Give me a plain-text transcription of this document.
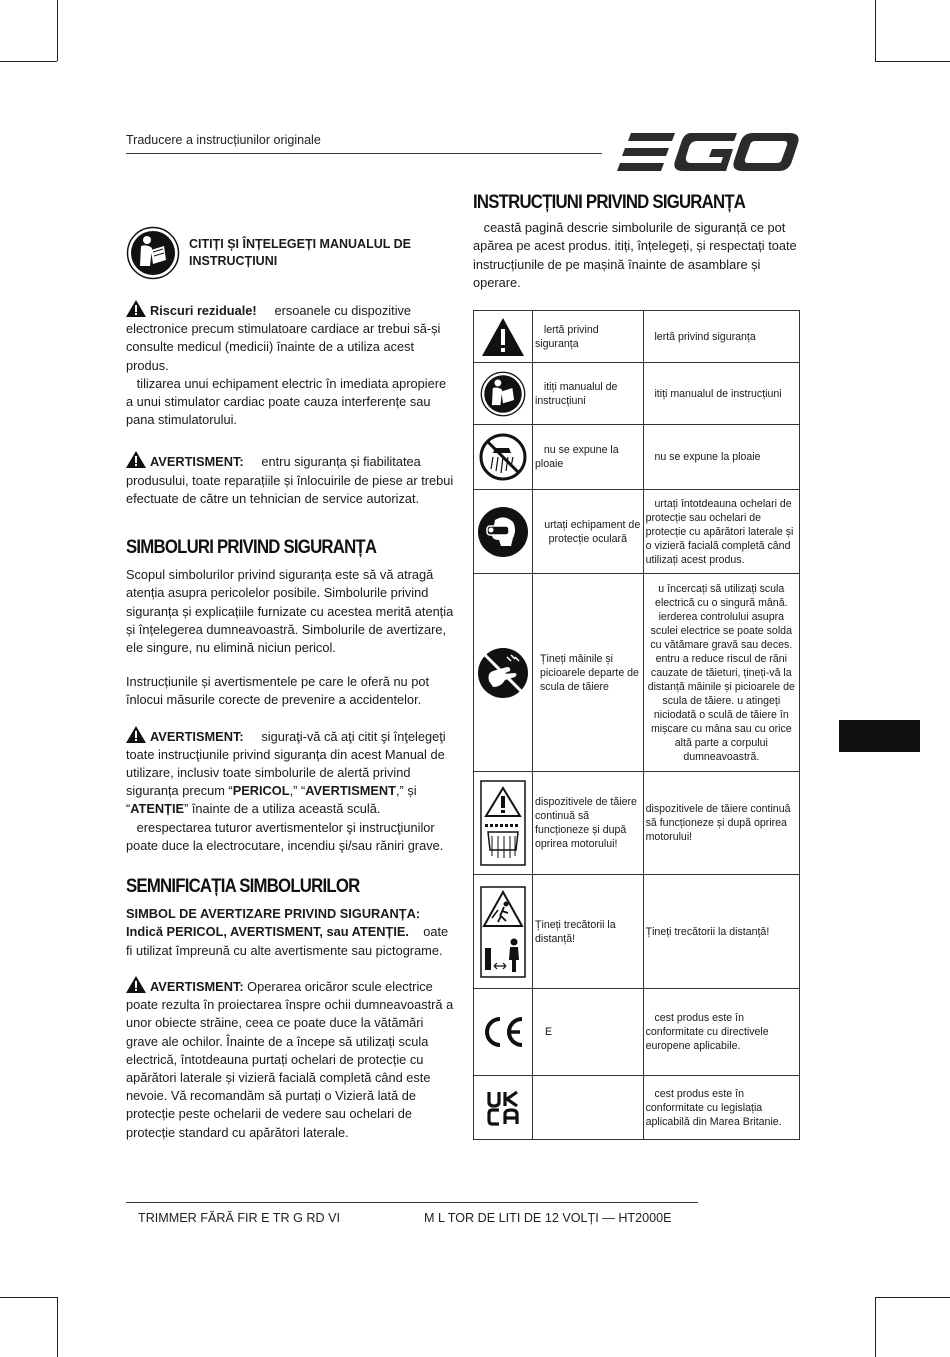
Traducere a instrucțiunilor originale
CITIȚI ȘI ÎNȚELEGEȚI MANUALUL DE INSTRUCȚIUNI

Riscuri reziduale! ersoanele cu dispozitive electronice precum stimulatoare cardiace ar trebui să-și consulte medicul (medicii) înainte de a utiliza acest produs.
tilizarea unui echipament electric în imediata apropiere a unui stimulator cardiac poate cauza interferențe sau pana stimulatorului.

AVERTISMENT: entru siguranța și fiabilitatea produsului, toate reparațiile și înlocuirile de piese ar trebui efectuate de către un tehnician de service autorizat.

SIMBOLURI PRIVIND SIGURANȚA

Scopul simbolurilor privind siguranța este să vă atragă atenția asupra pericolelor posibile. Simbolurile privind siguranța și explicațiile furnizate cu acestea merită atenția și înțelegerea dumneavoastră. Simbolurile de avertizare, ele singure, nu elimină niciun pericol.

Instrucțiunile și avertismentele pe care le oferă nu pot înlocui măsurile corecte de prevenire a accidentelor.

AVERTISMENT: siguraţi-vă că aţi citit şi înţelegeţi toate instrucţiunile privind siguranța din acest Manual de utilizare, inclusiv toate simbolurile de alertă privind siguranța precum “PERICOL,” “AVERTISMENT,” și “ATENȚIE” înainte de a utiliza această sculă.
erespectarea tuturor avertismentelor şi instrucţiunilor poate duce la electrocutare, incendiu şi/sau răniri grave.

SEMNIFICAȚIA SIMBOLURILOR

SIMBOL DE AVERTIZARE PRIVIND SIGURANȚA: Indică PERICOL, AVERTISMENT, sau ATENȚIE. oate fi utilizat împreună cu alte avertismente sau pictograme.

AVERTISMENT: Operarea oricăror scule electrice poate rezulta în proiectarea înspre ochii dumneavoastră a unor obiecte străine, ceea ce poate duce la vătămări grave ale ochilor. Înainte de a începe să utilizați scula electrică, întotdeauna purtați ochelari de protecție cu apărători laterale și vizieră facială completă când este nevoie. Vă recomandăm să purtați o Vizieră lată de protecție peste ochelarii de vedere sau ochelari de protecție standard cu apărători laterale.

INSTRUCȚIUNI PRIVIND SIGURANȚA

ceastă pagină descrie simbolurile de siguranță ce pot apărea pe acest produs. itiți, înțelegeți, și respectați toate instrucțiunile de pe mașină înainte de asamblare și operare.

	lertă privind siguranța	lertă privind siguranța

	itiți manualul de instrucțiuni	itiți manualul de instrucțiuni

	nu se expune la ploaie	nu se expune la ploaie

	urtați echipament de protecție oculară	urtați întotdeauna ochelari de protecție sau ochelari de protecție cu apărători laterale și o vizieră facială completă când utilizați acest produs.

	Țineți mâinile și picioarele departe de scula de tăiere	u încercați să utilizați scula electrică cu o singură mână. ierderea controlului asupra sculei electrice se poate solda cu vătămare gravă sau deces. entru a reduce riscul de răni cauzate de tăieturi, țineți-vă la distanță mâinile și picioarele de scula de tăiere. u atingeți niciodată o sculă de tăiere în mișcare cu mâna sau cu orice altă parte a corpului dumneavoastră.

	dispozitivele de tăiere continuă să funcționeze și după oprirea motorului!	dispozitivele de tăiere continuă să funcționeze și după oprirea motorului!

	Țineți trecătorii la distanță!	Țineți trecătorii la distanță!

	E	cest produs este în conformitate cu directivele europene aplicabile.

		cest produs este în conformitate cu legislația aplicabilă din Marea Britanie.
TRIMMER FĂRĂ FIR E TR G RD VI	M L TOR DE LITI DE 12 VOLȚI — HT2000E
